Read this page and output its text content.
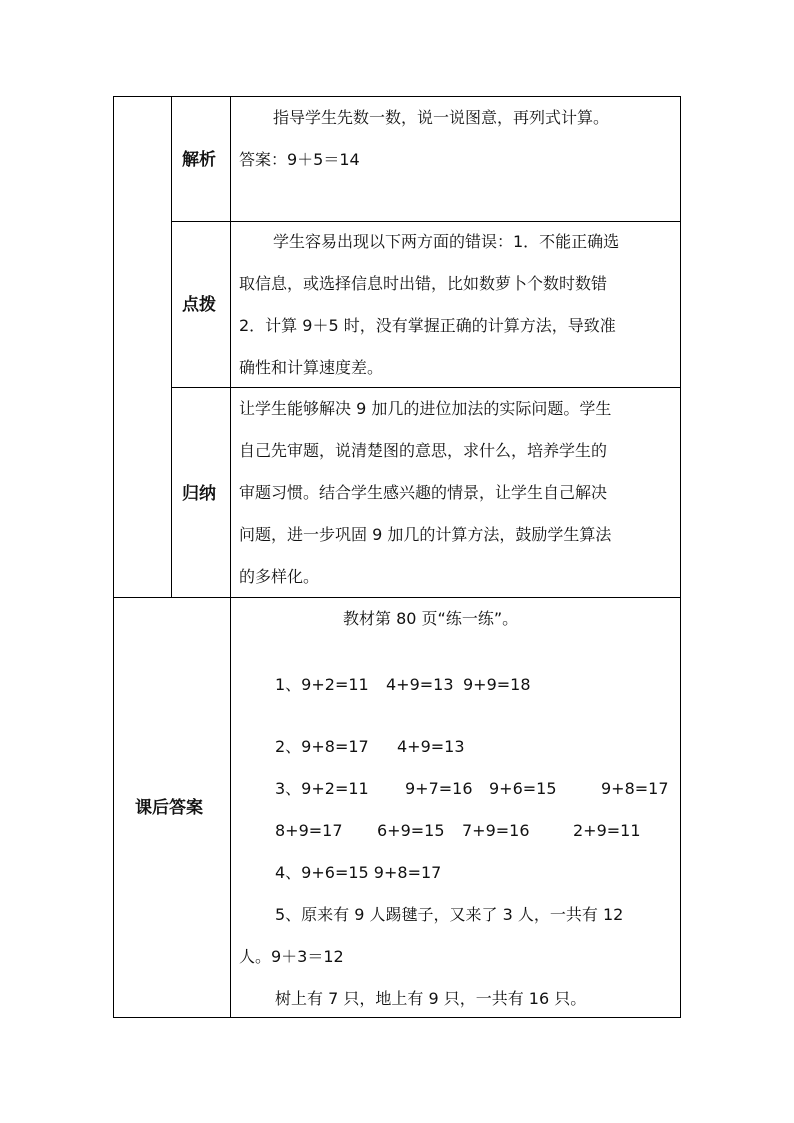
解析
指导学生先数一数，说一说图意，再列式计算。
答案：9＋5＝14
点拨
学生容易出现以下两方面的错误：1．不能正确选
取信息，或选择信息时出错，比如数萝卜个数时数错
2．计算 9＋5 时，没有掌握正确的计算方法，导致准
确性和计算速度差。
归纳
让学生能够解决 9 加几的进位加法的实际问题。学生
自己先审题，说清楚图的意思，求什么，培养学生的
审题习惯。结合学生感兴趣的情景，让学生自己解决
问题，进一步巩固 9 加几的计算方法，鼓励学生算法
的多样化。
课后答案
教材第 80 页“练一练”。
1、9+2=11 4+9=13 9+9=18
2、9+8=17 4+9=13
3、9+2=11 9+7=16 9+6=15	9+8=17
8+9=17 6+9=15 7+9=16	2+9=11
4、9+6=15 9+8=17
5、原来有 9 人踢毽子，又来了 3 人，一共有 12
人。9＋3＝12
树上有 7 只，地上有 9 只，一共有 16 只。
